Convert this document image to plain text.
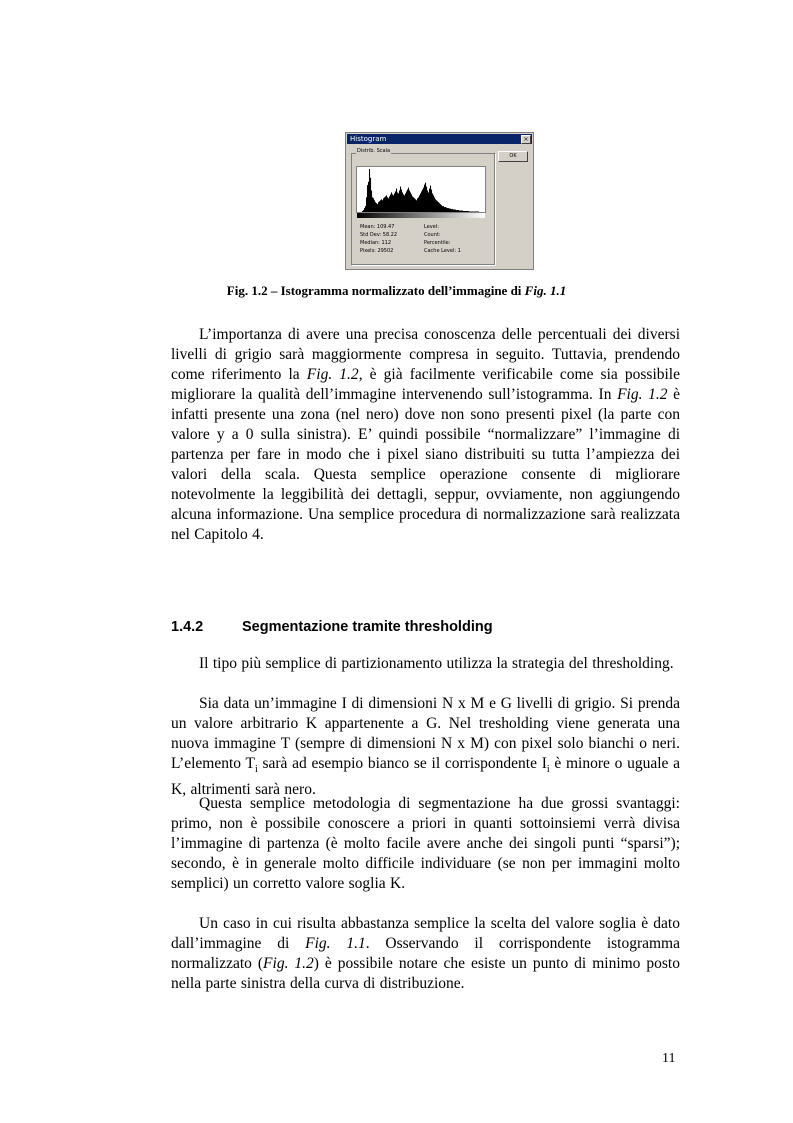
Histogram	×
Distrib. Scala
OK
Mean: 109.47
Std Dev: 58.22
Median: 112
Pixels: 29502
Level:
Count:
Percentile:
Cache Level: 1
Fig. 1.2 – Istogramma normalizzato dell’immagine di Fig. 1.1

L’importanza di avere una precisa conoscenza delle percentuali dei diversi livelli di grigio sarà maggiormente compresa in seguito. Tuttavia, prendendo come riferimento la Fig. 1.2, è già facilmente verificabile come sia possibile migliorare la qualità dell’immagine intervenendo sull’istogramma. In Fig. 1.2 è infatti presente una zona (nel nero) dove non sono presenti pixel (la parte con valore y a 0 sulla sinistra). E’ quindi possibile “normalizzare” l’immagine di partenza per fare in modo che i pixel siano distribuiti su tutta l’ampiezza dei valori della scala. Questa semplice operazione consente di migliorare notevolmente la leggibilità dei dettagli, seppur, ovviamente, non aggiungendo alcuna informazione. Una semplice procedura di normalizzazione sarà realizzata nel Capitolo 4.

1.4.2	Segmentazione tramite thresholding

Il tipo più semplice di partizionamento utilizza la strategia del thresholding.

Sia data un’immagine I di dimensioni N x M e G livelli di grigio. Si prenda un valore arbitrario K appartenente a G. Nel tresholding viene generata una nuova immagine T (sempre di dimensioni N x M) con pixel solo bianchi o neri. L’elemento $T_i$ sarà ad esempio bianco se il corrispondente $I_i$ è minore o uguale a K, altrimenti sarà nero.

Questa semplice metodologia di segmentazione ha due grossi svantaggi: primo, non è possibile conoscere a priori in quanti sottoinsiemi verrà divisa l’immagine di partenza (è molto facile avere anche dei singoli punti “sparsi”); secondo, è in generale molto difficile individuare (se non per immagini molto semplici) un corretto valore soglia K.

Un caso in cui risulta abbastanza semplice la scelta del valore soglia è dato dall’immagine di Fig. 1.1. Osservando il corrispondente istogramma normalizzato (Fig. 1.2) è possibile notare che esiste un punto di minimo posto nella parte sinistra della curva di distribuzione.

11
